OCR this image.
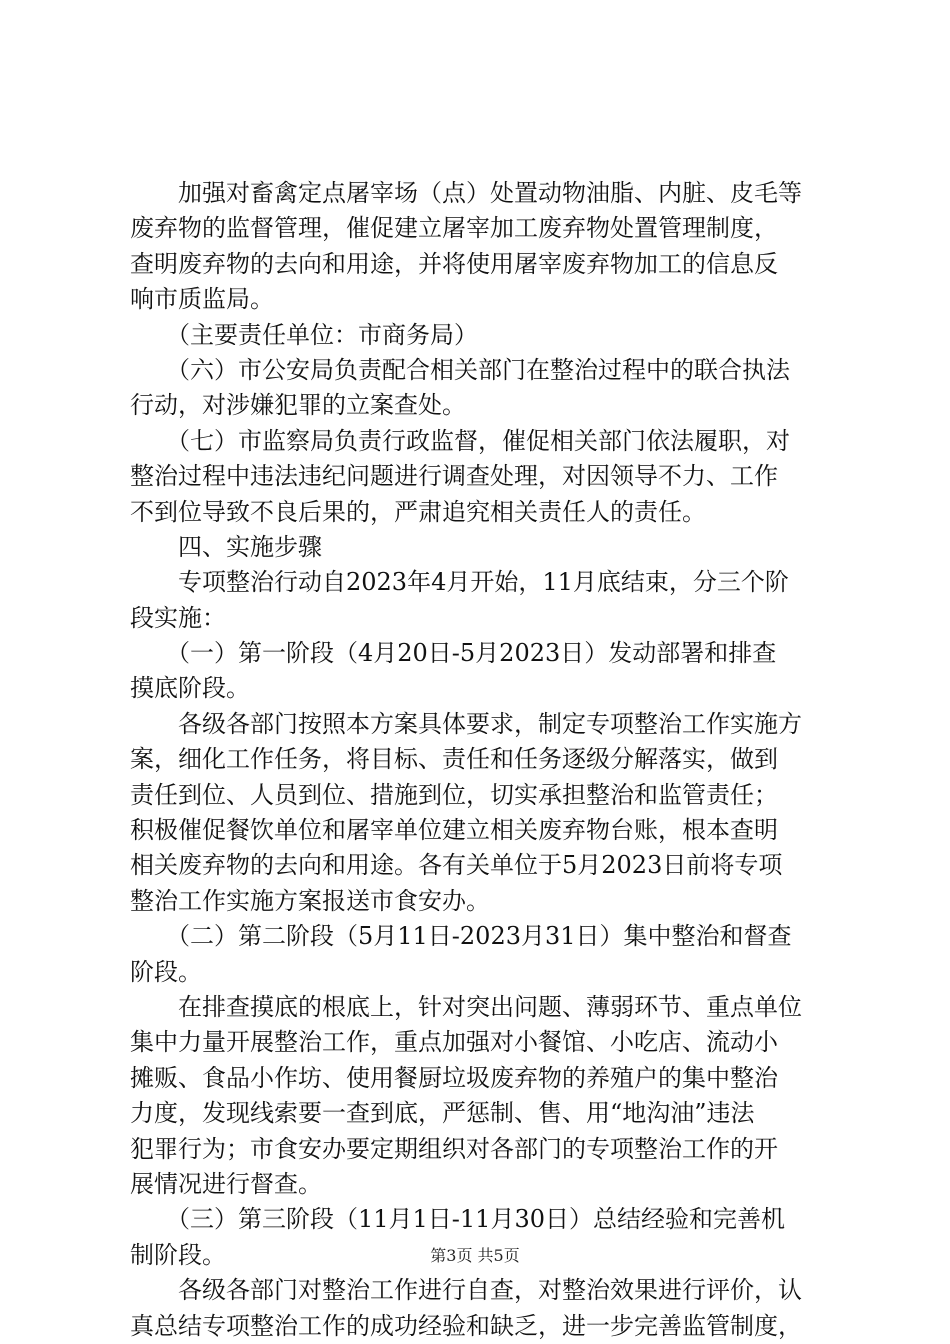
　　加强对畜禽定点屠宰场（点）处置动物油脂、内脏、皮毛等
废弃物的监督管理，催促建立屠宰加工废弃物处置管理制度，
查明废弃物的去向和用途，并将使用屠宰废弃物加工的信息反
响市质监局。
　　（主要责任单位：市商务局）
　　（六）市公安局负责配合相关部门在整治过程中的联合执法
行动，对涉嫌犯罪的立案查处。
　　（七）市监察局负责行政监督，催促相关部门依法履职，对
整治过程中违法违纪问题进行调查处理，对因领导不力、工作
不到位导致不良后果的，严肃追究相关责任人的责任。
　　四、实施步骤
　　专项整治行动自2023年4月开始，11月底结束，分三个阶
段实施：
　　（一）第一阶段（4月20日-5月2023日）发动部署和排查
摸底阶段。
　　各级各部门按照本方案具体要求，制定专项整治工作实施方
案，细化工作任务，将目标、责任和任务逐级分解落实，做到
责任到位、人员到位、措施到位，切实承担整治和监管责任；
积极催促餐饮单位和屠宰单位建立相关废弃物台账，根本查明
相关废弃物的去向和用途。各有关单位于5月2023日前将专项
整治工作实施方案报送市食安办。
　　（二）第二阶段（5月11日-2023月31日）集中整治和督查
阶段。
　　在排查摸底的根底上，针对突出问题、薄弱环节、重点单位
集中力量开展整治工作，重点加强对小餐馆、小吃店、流动小
摊贩、食品小作坊、使用餐厨垃圾废弃物的养殖户的集中整治
力度，发现线索要一查到底，严惩制、售、用“地沟油”违法
犯罪行为；市食安办要定期组织对各部门的专项整治工作的开
展情况进行督查。
　　（三）第三阶段（11月1日-11月30日）总结经验和完善机
制阶段。
　　各级各部门对整治工作进行自查，对整治效果进行评价，认
真总结专项整治工作的成功经验和缺乏，进一步完善监管制度，
第3页 共5页
